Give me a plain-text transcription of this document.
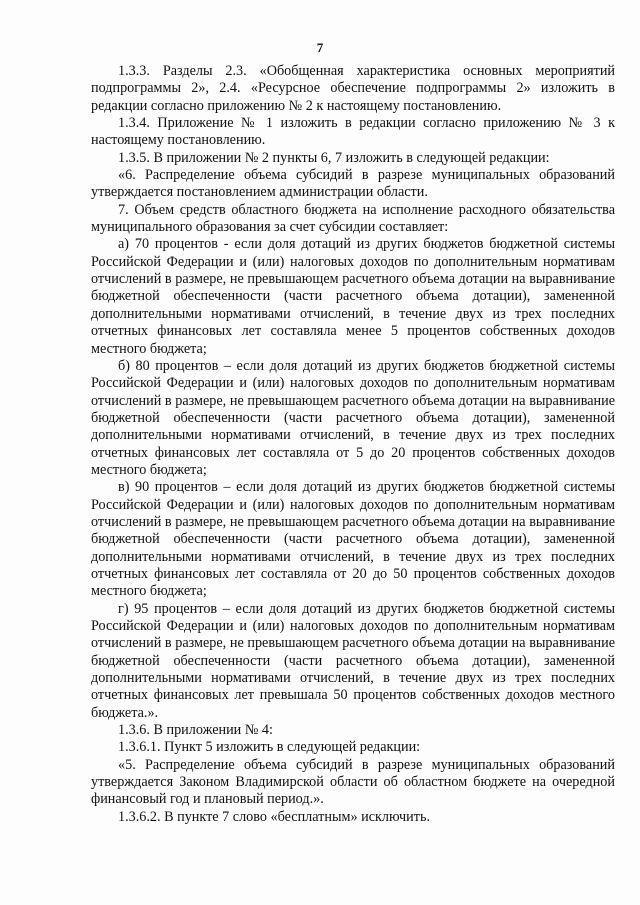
7

1.3.3. Разделы 2.3. «Обобщенная характеристика основных мероприятий подпрограммы 2», 2.4. «Ресурсное обеспечение подпрограммы 2» изложить в редакции согласно приложению № 2 к настоящему постановлению.

1.3.4. Приложение № 1 изложить в редакции согласно приложению № 3 к настоящему постановлению.

1.3.5. В приложении № 2 пункты 6, 7 изложить в следующей редакции:

«6. Распределение объема субсидий в разрезе муниципальных образований утверждается постановлением администрации области.

7. Объем средств областного бюджета на исполнение расходного обязательства муниципального образования за счет субсидии составляет:

а) 70 процентов - если доля дотаций из других бюджетов бюджетной системы Российской Федерации и (или) налоговых доходов по дополнительным нормативам отчислений в размере, не превышающем расчетного объема дотации на выравнивание бюджетной обеспеченности (части расчетного объема дотации), замененной дополнительными нормативами отчислений, в течение двух из трех последних отчетных финансовых лет составляла менее 5 процентов собственных доходов местного бюджета;

б) 80 процентов – если доля дотаций из других бюджетов бюджетной системы Российской Федерации и (или) налоговых доходов по дополнительным нормативам отчислений в размере, не превышающем расчетного объема дотации на выравнивание бюджетной обеспеченности (части расчетного объема дотации), замененной дополнительными нормативами отчислений, в течение двух из трех последних отчетных финансовых лет составляла от 5 до 20 процентов собственных доходов местного бюджета;

в) 90 процентов – если доля дотаций из других бюджетов бюджетной системы Российской Федерации и (или) налоговых доходов по дополнительным нормативам отчислений в размере, не превышающем расчетного объема дотации на выравнивание бюджетной обеспеченности (части расчетного объема дотации), замененной дополнительными нормативами отчислений, в течение двух из трех последних отчетных финансовых лет составляла от 20 до 50 процентов собственных доходов местного бюджета;

г) 95 процентов – если доля дотаций из других бюджетов бюджетной системы Российской Федерации и (или) налоговых доходов по дополнительным нормативам отчислений в размере, не превышающем расчетного объема дотации на выравнивание бюджетной обеспеченности (части расчетного объема дотации), замененной дополнительными нормативами отчислений, в течение двух из трех последних отчетных финансовых лет превышала 50 процентов собственных доходов местного бюджета.».

1.3.6. В приложении № 4:

1.3.6.1. Пункт 5 изложить в следующей редакции:

«5. Распределение объема субсидий в разрезе муниципальных образований утверждается Законом Владимирской области об областном бюджете на очередной финансовый год и плановый период.».

1.3.6.2. В пункте 7 слово «бесплатным» исключить.
